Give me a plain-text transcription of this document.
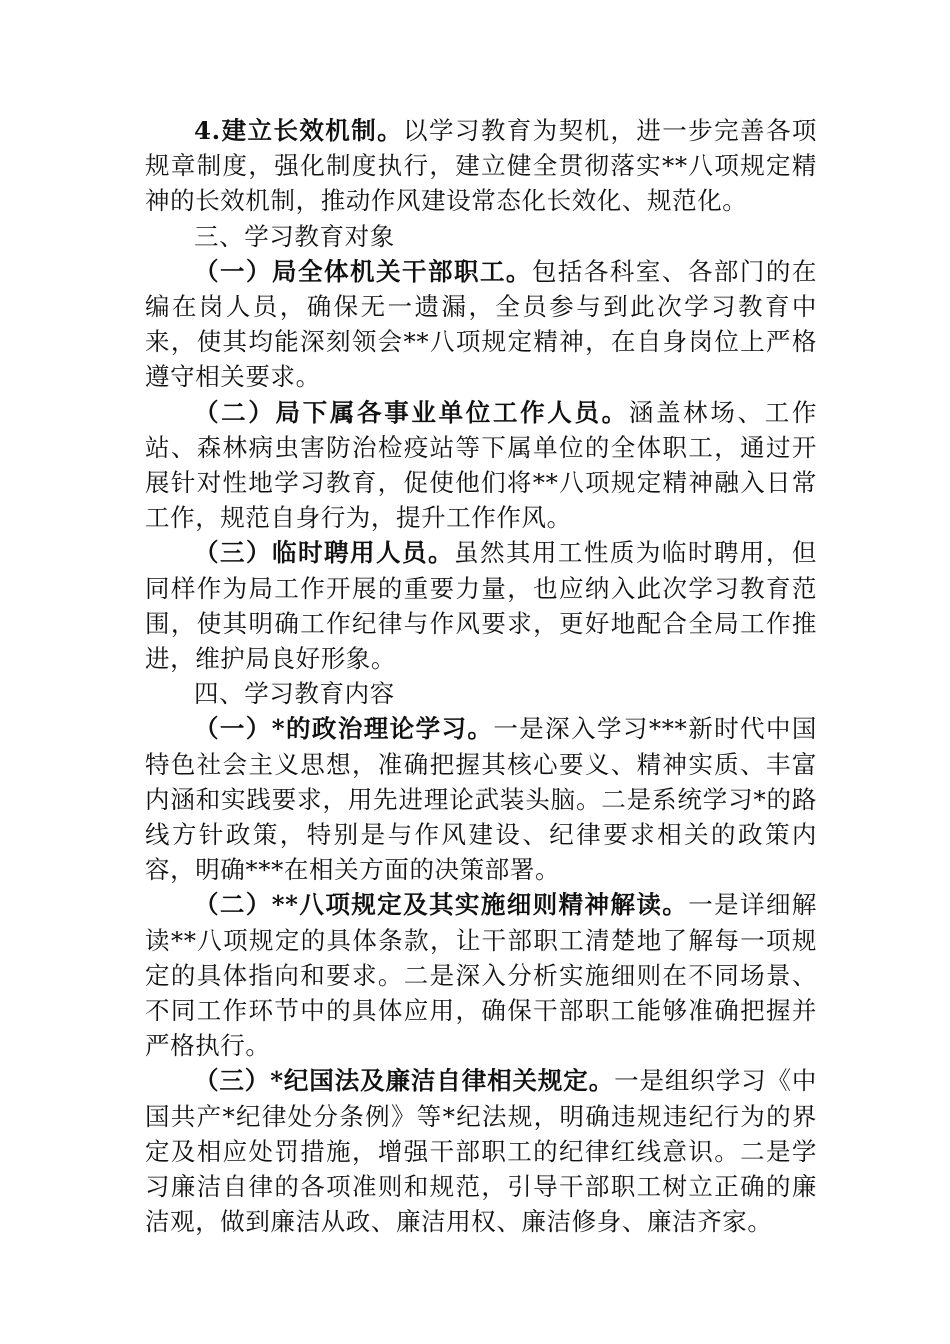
4.建立长效机制。以学习教育为契机，进一步完善各项规章制度，强化制度执行，建立健全贯彻落实**八项规定精神的长效机制，推动作风建设常态化长效化、规范化。

三、学习教育对象

（一）局全体机关干部职工。包括各科室、各部门的在编在岗人员，确保无一遗漏，全员参与到此次学习教育中来，使其均能深刻领会**八项规定精神，在自身岗位上严格遵守相关要求。

（二）局下属各事业单位工作人员。涵盖林场、工作站、森林病虫害防治检疫站等下属单位的全体职工，通过开展针对性地学习教育，促使他们将**八项规定精神融入日常工作，规范自身行为，提升工作作风。

（三）临时聘用人员。虽然其用工性质为临时聘用，但同样作为局工作开展的重要力量，也应纳入此次学习教育范围，使其明确工作纪律与作风要求，更好地配合全局工作推进，维护局良好形象。

四、学习教育内容

（一）*的政治理论学习。一是深入学习***新时代中国特色社会主义思想，准确把握其核心要义、精神实质、丰富内涵和实践要求，用先进理论武装头脑。二是系统学习*的路线方针政策，特别是与作风建设、纪律要求相关的政策内容，明确***在相关方面的决策部署。

（二）**八项规定及其实施细则精神解读。一是详细解读**八项规定的具体条款，让干部职工清楚地了解每一项规定的具体指向和要求。二是深入分析实施细则在不同场景、不同工作环节中的具体应用，确保干部职工能够准确把握并严格执行。

（三）*纪国法及廉洁自律相关规定。一是组织学习《中国共产*纪律处分条例》等*纪法规，明确违规违纪行为的界定及相应处罚措施，增强干部职工的纪律红线意识。二是学习廉洁自律的各项准则和规范，引导干部职工树立正确的廉洁观，做到廉洁从政、廉洁用权、廉洁修身、廉洁齐家。
